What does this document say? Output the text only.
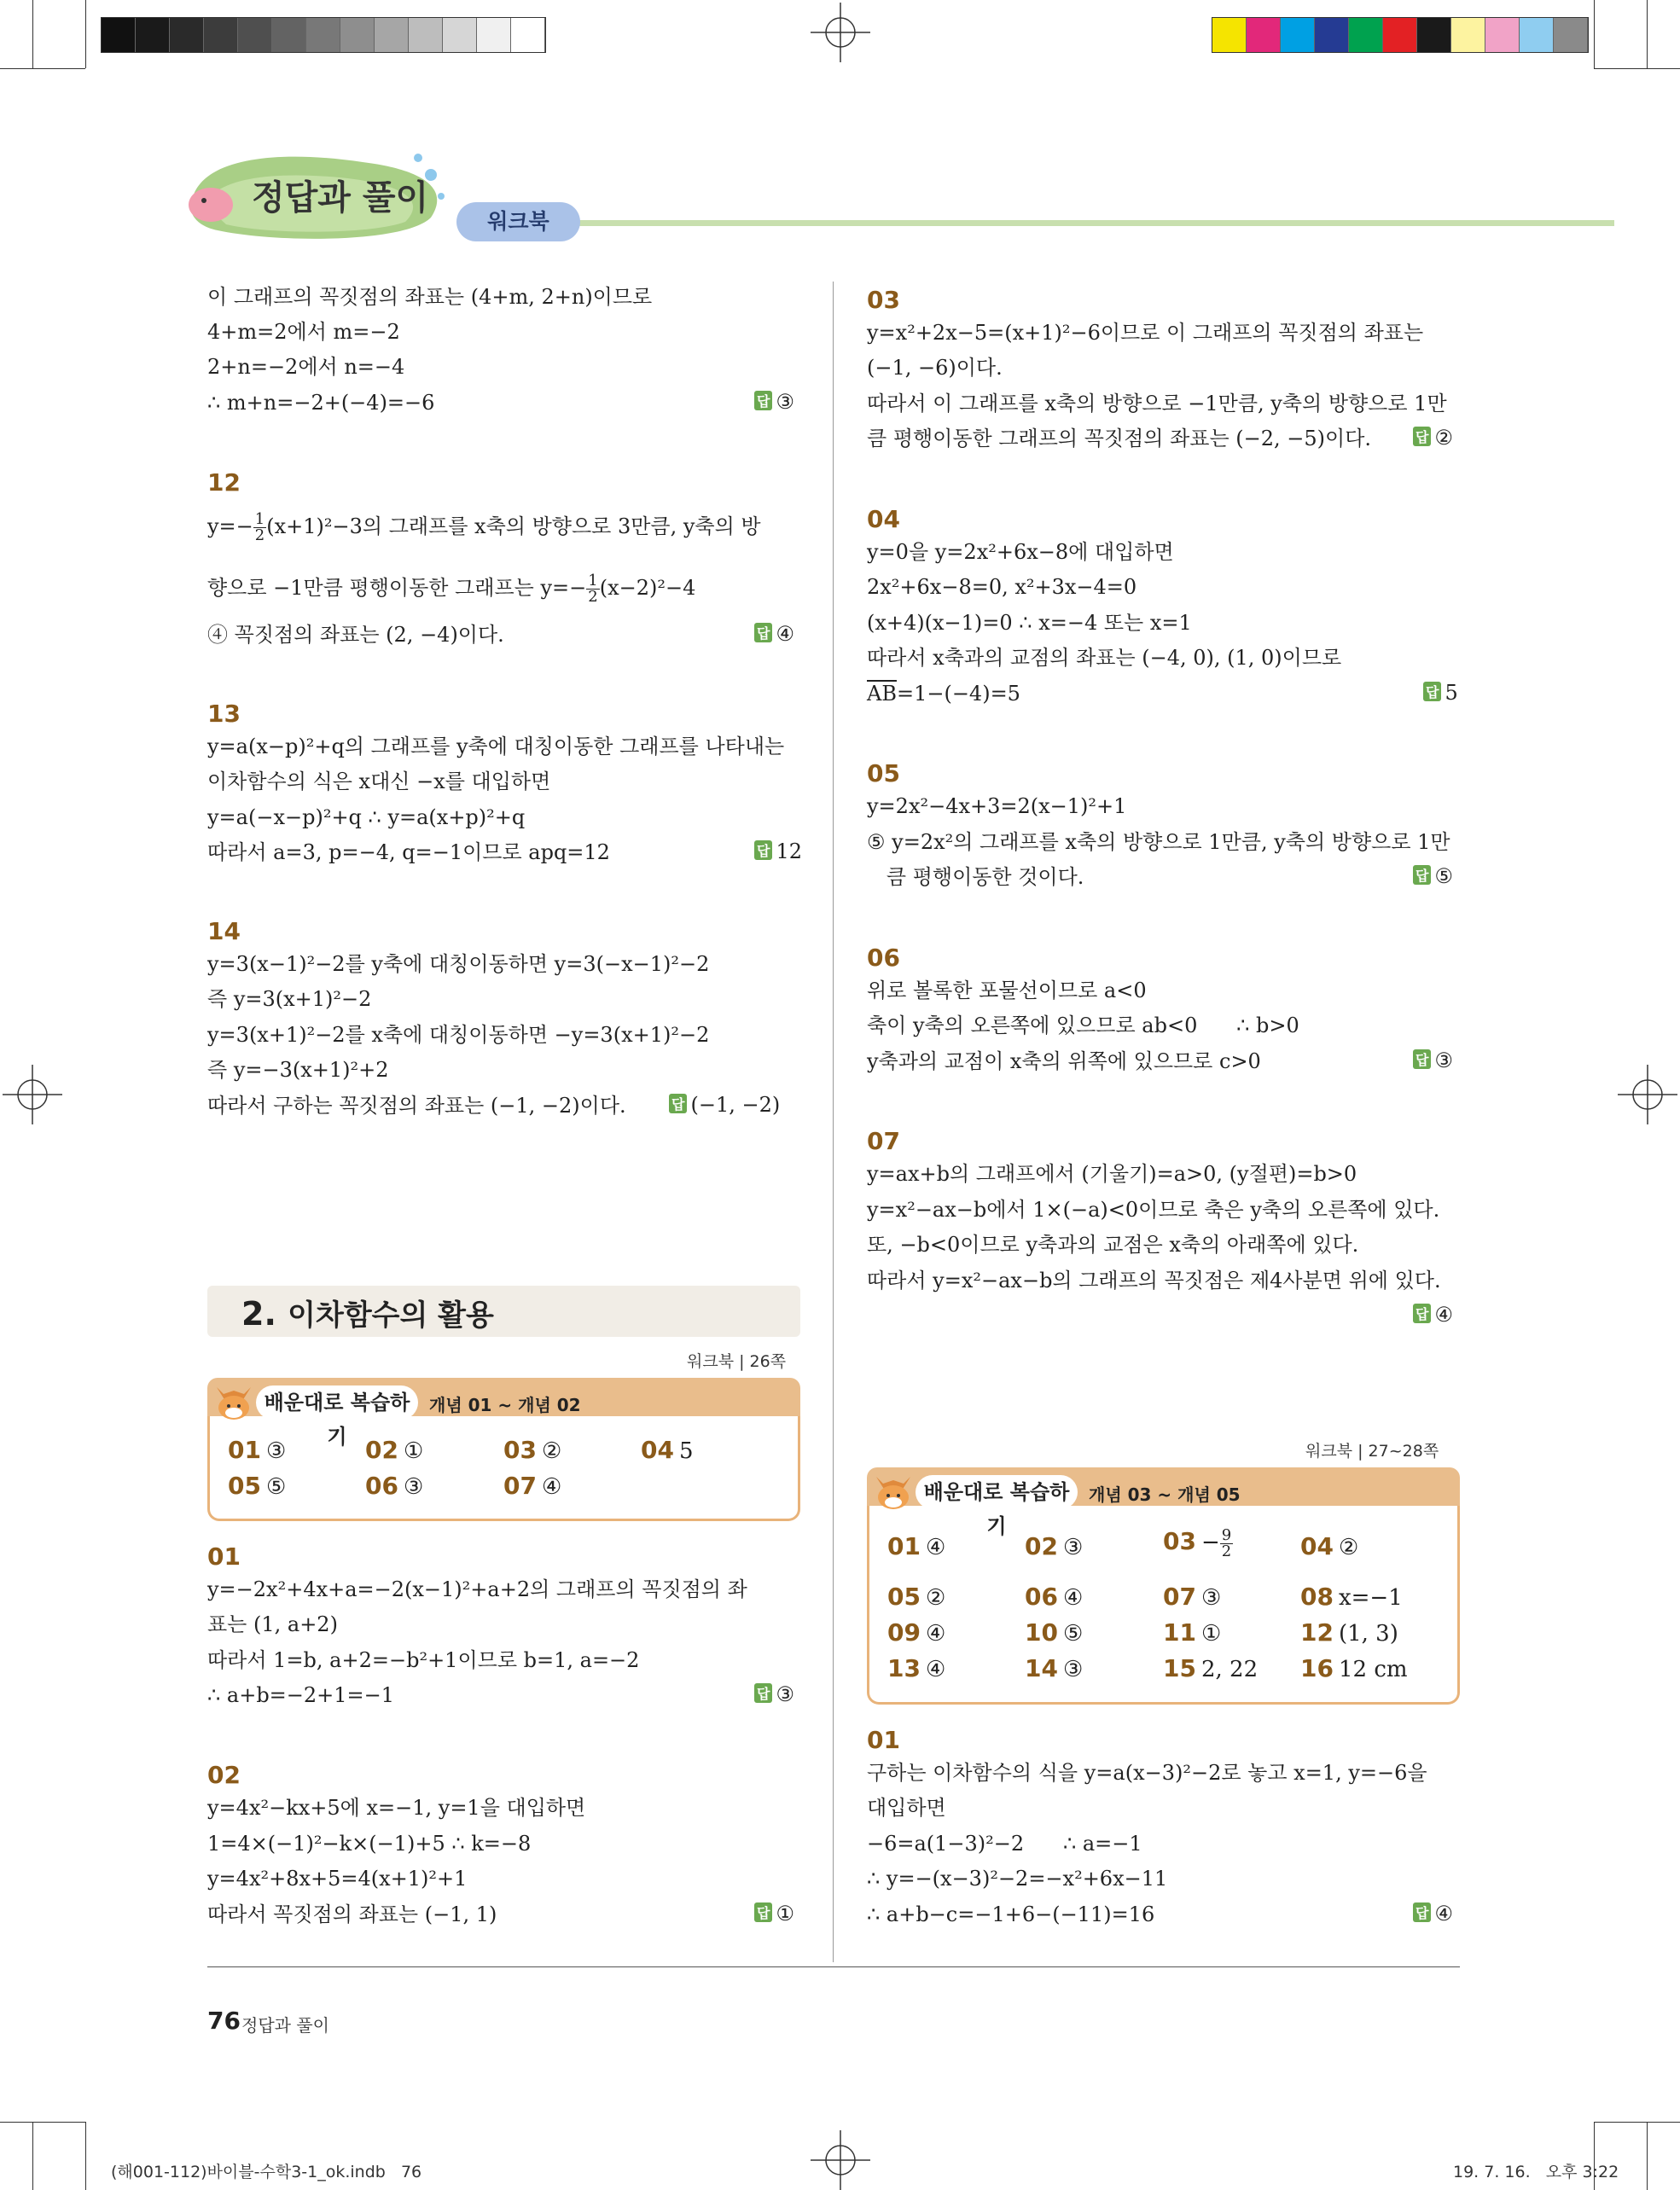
정답과 풀이
워크북
이 그래프의 꼭짓점의 좌표는 (4+m, 2+n)이므로
4+m=2에서 m=−2
2+n=−2에서 n=−4
∴ m+n=−2+(−4)=−6	답 ③
12
$y=- \frac{1}{2} (x+1)^2-3$의 그래프를 x축의 방향으로 3만큼, y축의 방
향으로 −1만큼 평행이동한 그래프는 $y=- \frac{1}{2} (x-2)^2-4$
④ 꼭짓점의 좌표는 (2, −4)이다.	답 ④
13
y=a(x−p)²+q의 그래프를 y축에 대칭이동한 그래프를 나타내는
이차함수의 식은 x대신 −x를 대입하면
y=a(−x−p)²+q ∴ y=a(x+p)²+q
따라서 a=3, p=−4, q=−1이므로 apq=12	답 12
14
y=3(x−1)²−2를 y축에 대칭이동하면 y=3(−x−1)²−2
즉 y=3(x+1)²−2
y=3(x+1)²−2를 x축에 대칭이동하면 −y=3(x+1)²−2
즉 y=−3(x+1)²+2
따라서 구하는 꼭짓점의 좌표는 (−1, −2)이다.	답 (−1, −2)
2. 이차함수의 활용
워크북 | 26쪽
배운대로 복습하기
개념 01 ~ 개념 02
01 ③	02 ①	03 ②	04 5
05 ⑤	06 ③	07 ④
01
y=−2x²+4x+a=−2(x−1)²+a+2의 그래프의 꼭짓점의 좌
표는 (1, a+2)
따라서 1=b, a+2=−b²+1이므로 b=1, a=−2
∴ a+b=−2+1=−1	답 ③
02
y=4x²−kx+5에 x=−1, y=1을 대입하면
1=4×(−1)²−k×(−1)+5 ∴ k=−8
y=4x²+8x+5=4(x+1)²+1
따라서 꼭짓점의 좌표는 (−1, 1)	답 ①
03
y=x²+2x−5=(x+1)²−6이므로 이 그래프의 꼭짓점의 좌표는
(−1, −6)이다.
따라서 이 그래프를 x축의 방향으로 −1만큼, y축의 방향으로 1만
큼 평행이동한 그래프의 꼭짓점의 좌표는 (−2, −5)이다.	답 ②
04
y=0을 y=2x²+6x−8에 대입하면
2x²+6x−8=0, x²+3x−4=0
(x+4)(x−1)=0 ∴ x=−4 또는 x=1
따라서 x축과의 교점의 좌표는 (−4, 0), (1, 0)이므로
$\overline{AB}=1-(-4)=5$	답 5
05
y=2x²−4x+3=2(x−1)²+1
⑤ y=2x²의 그래프를 x축의 방향으로 1만큼, y축의 방향으로 1만
큼 평행이동한 것이다.	답 ⑤
06
위로 볼록한 포물선이므로 a<0
축이 y축의 오른쪽에 있으므로 ab<0      ∴ b>0
y축과의 교점이 x축의 위쪽에 있으므로 c>0	답 ③
07
y=ax+b의 그래프에서 (기울기)=a>0, (y절편)=b>0
y=x²−ax−b에서 1×(−a)<0이므로 축은 y축의 오른쪽에 있다.
또, −b<0이므로 y축과의 교점은 x축의 아래쪽에 있다.
따라서 y=x²−ax−b의 그래프의 꼭짓점은 제4사분면 위에 있다.
답 ④
워크북 | 27~28쪽
배운대로 복습하기
개념 03 ~ 개념 05
01 ④	02 ③	$03 - \frac{9}{2}$	04 ②
05 ②	06 ④	07 ③	08 x=−1
09 ④	10 ⑤	11 ①	12 (1, 3)
13 ④	14 ③	15 2, 22 16 12 cm
01
구하는 이차함수의 식을 y=a(x−3)²−2로 놓고 x=1, y=−6을
대입하면
−6=a(1−3)²−2      ∴ a=−1
∴ y=−(x−3)²−2=−x²+6x−11
∴ a+b−c=−1+6−(−11)=16	답 ④
76 정답과 풀이
(해001-112)바이블-수학3-1_ok.indb   76	19. 7. 16.   오후 3:22
